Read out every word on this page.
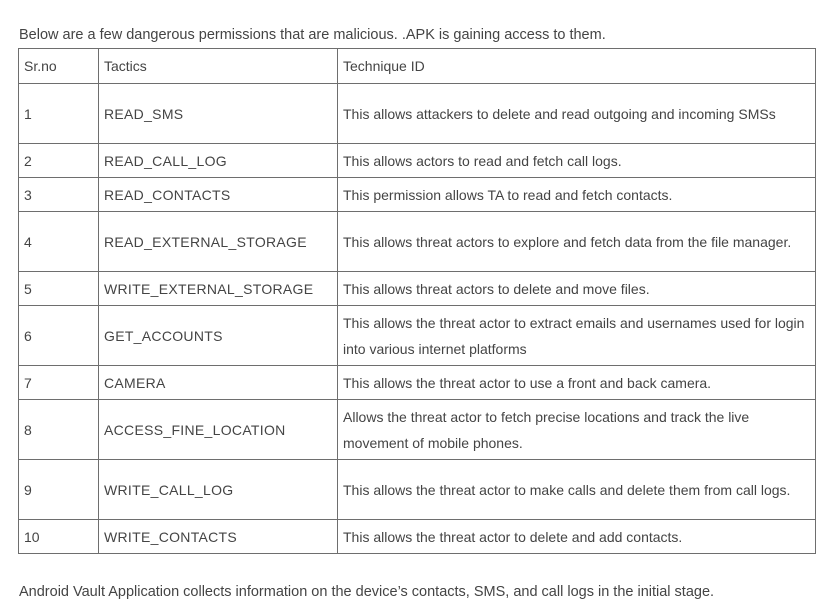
Below are a few dangerous permissions that are malicious. .APK is gaining access to them.

Sr.no	Tactics	Technique ID
1	READ_SMS	This allows attackers to delete and read outgoing and incoming SMSs
2	READ_CALL_LOG	This allows actors to read and fetch call logs.
3	READ_CONTACTS	This permission allows TA to read and fetch contacts.
4	READ_EXTERNAL_STORAGE	This allows threat actors to explore and fetch data from the file manager.
5	WRITE_EXTERNAL_STORAGE	This allows threat actors to delete and move files.
6	GET_ACCOUNTS	This allows the threat actor to extract emails and usernames used for login into various internet platforms
7	CAMERA	This allows the threat actor to use a front and back camera.
8	ACCESS_FINE_LOCATION	Allows the threat actor to fetch precise locations and track the live movement of mobile phones.
9	WRITE_CALL_LOG	This allows the threat actor to make calls and delete them from call logs.
10	WRITE_CONTACTS	This allows the threat actor to delete and add contacts.

Android Vault Application collects information on the device’s contacts, SMS, and call logs in the initial stage.
